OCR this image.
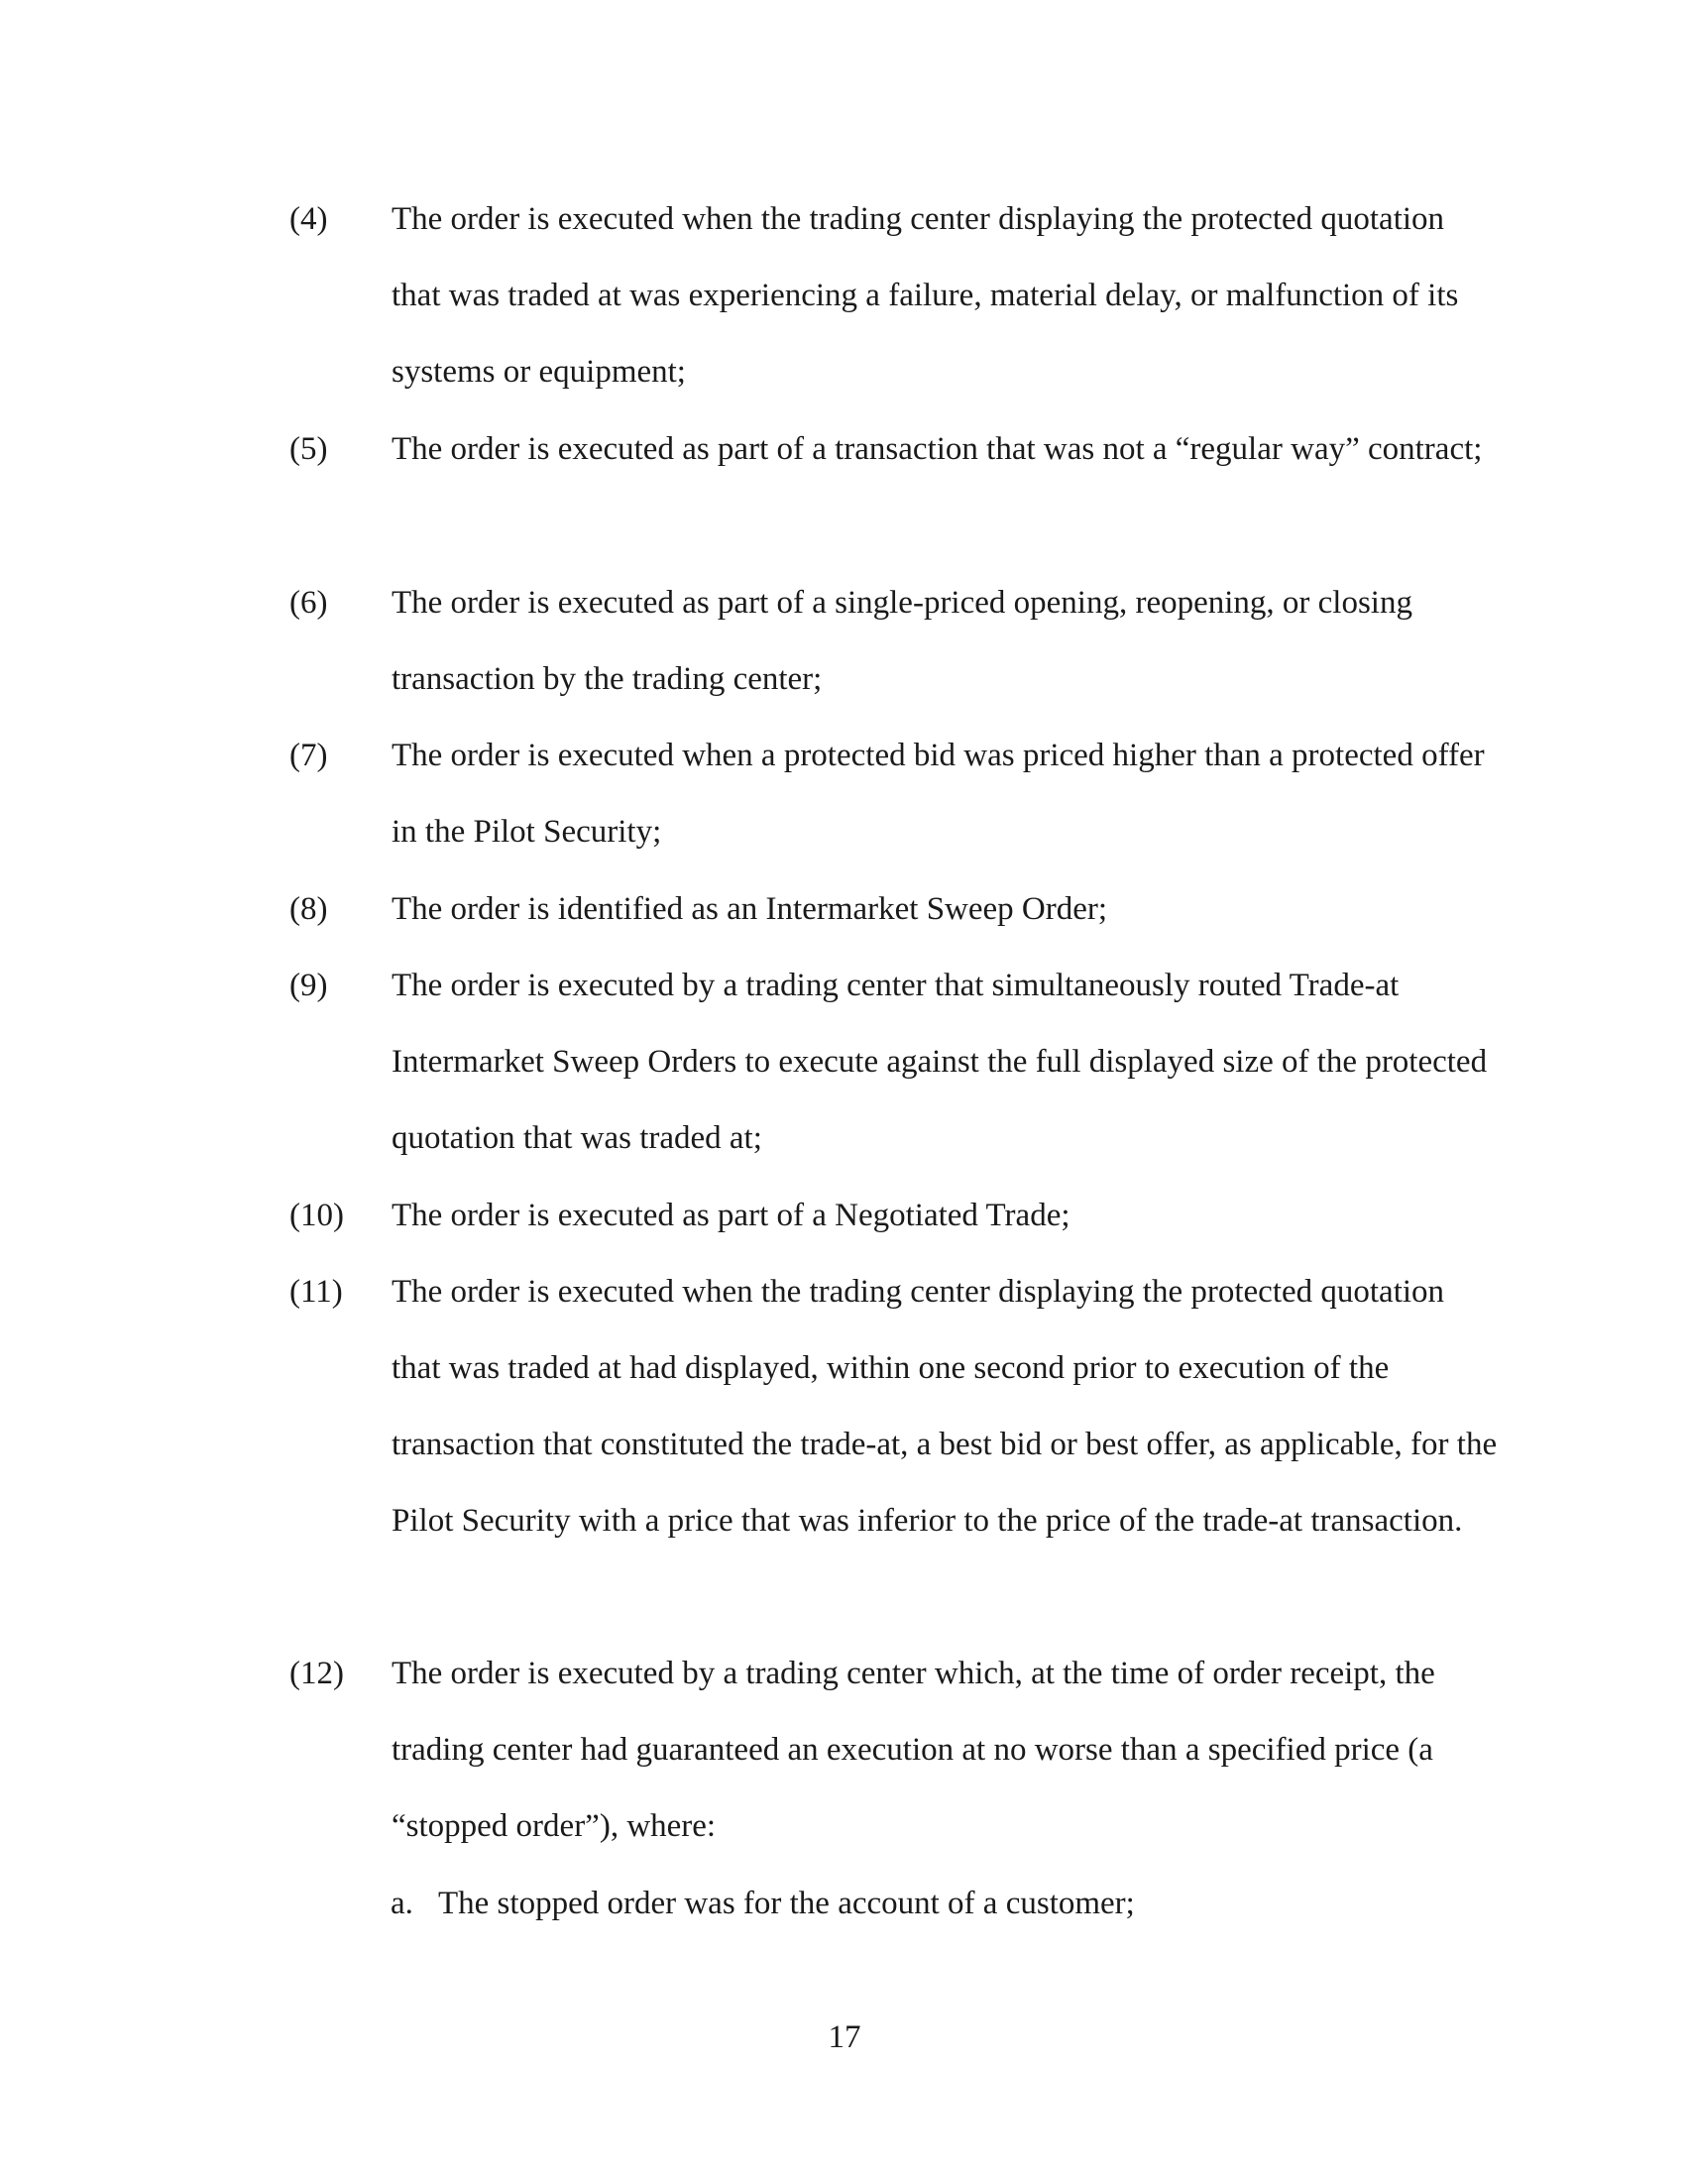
(4) The order is executed when the trading center displaying the protected quotation that was traded at was experiencing a failure, material delay, or malfunction of its systems or equipment;
(5) The order is executed as part of a transaction that was not a “regular way” contract;
(6) The order is executed as part of a single-priced opening, reopening, or closing transaction by the trading center;
(7) The order is executed when a protected bid was priced higher than a protected offer in the Pilot Security;
(8) The order is identified as an Intermarket Sweep Order;
(9) The order is executed by a trading center that simultaneously routed Trade-at Intermarket Sweep Orders to execute against the full displayed size of the protected quotation that was traded at;
(10) The order is executed as part of a Negotiated Trade;
(11) The order is executed when the trading center displaying the protected quotation that was traded at had displayed, within one second prior to execution of the transaction that constituted the trade-at, a best bid or best offer, as applicable, for the Pilot Security with a price that was inferior to the price of the trade-at transaction.
(12) The order is executed by a trading center which, at the time of order receipt, the trading center had guaranteed an execution at no worse than a specified price (a “stopped order”), where:
a. The stopped order was for the account of a customer;
17
